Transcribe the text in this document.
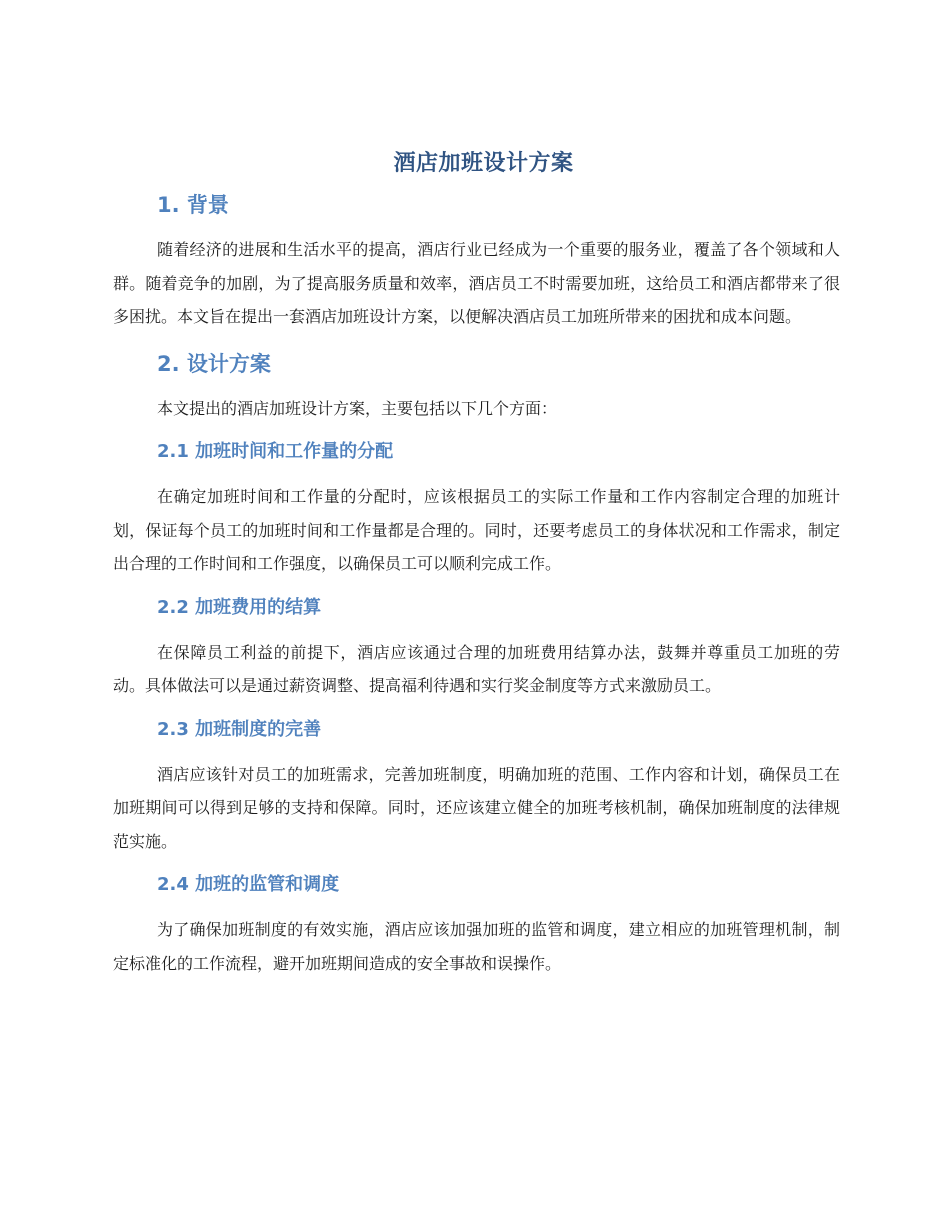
酒店加班设计方案
1. 背景

随着经济的进展和生活水平的提高，酒店行业已经成为一个重要的服务业，覆盖了各个领域和人群。随着竞争的加剧，为了提高服务质量和效率，酒店员工不时需要加班，这给员工和酒店都带来了很多困扰。本文旨在提出一套酒店加班设计方案，以便解决酒店员工加班所带来的困扰和成本问题。

2. 设计方案

本文提出的酒店加班设计方案，主要包括以下几个方面：

2.1 加班时间和工作量的分配

在确定加班时间和工作量的分配时，应该根据员工的实际工作量和工作内容制定合理的加班计划，保证每个员工的加班时间和工作量都是合理的。同时，还要考虑员工的身体状况和工作需求，制定出合理的工作时间和工作强度，以确保员工可以顺利完成工作。

2.2 加班费用的结算

在保障员工利益的前提下，酒店应该通过合理的加班费用结算办法，鼓舞并尊重员工加班的劳动。具体做法可以是通过薪资调整、提高福利待遇和实行奖金制度等方式来激励员工。

2.3 加班制度的完善

酒店应该针对员工的加班需求，完善加班制度，明确加班的范围、工作内容和计划，确保员工在加班期间可以得到足够的支持和保障。同时，还应该建立健全的加班考核机制，确保加班制度的法律规范实施。

2.4 加班的监管和调度

为了确保加班制度的有效实施，酒店应该加强加班的监管和调度，建立相应的加班管理机制，制定标准化的工作流程，避开加班期间造成的安全事故和误操作。
